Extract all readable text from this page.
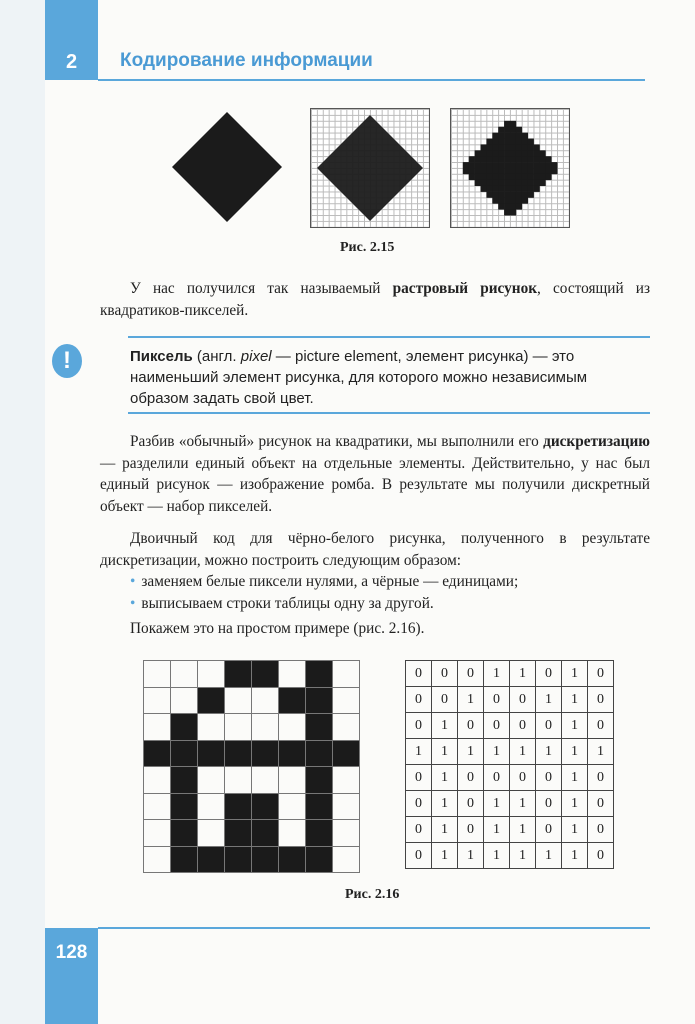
2	Кодирование информации
Рис. 2.15
У нас получился так называемый растровый рисунок, состоящий из квадратиков-пикселей.
!	Пиксель (англ. pixel — picture element, элемент рисунка) — это наименьший элемент рисунка, для которого можно независимым образом задать свой цвет.
Разбив «обычный» рисунок на квадратики, мы выполнили его дискретизацию — разделили единый объект на отдельные элементы. Действительно, у нас был единый рисунок — изображение ромба. В результате мы получили дискретный объект — набор пикселей.
Двоичный код для чёрно-белого рисунка, полученного в результате дискретизации, можно построить следующим образом:
• заменяем белые пиксели нулями, а чёрные — единицами;
• выписываем строки таблицы одну за другой.
Покажем это на простом примере (рис. 2.16).

0	0	0	1	1	0	1	0
0	0	1	0	0	1	1	0
0	1	0	0	0	0	1	0
1	1	1	1	1	1	1	1
0	1	0	0	0	0	1	0
0	1	0	1	1	0	1	0
0	1	0	1	1	0	1	0
0	1	1	1	1	1	1	0
Рис. 2.16
128
